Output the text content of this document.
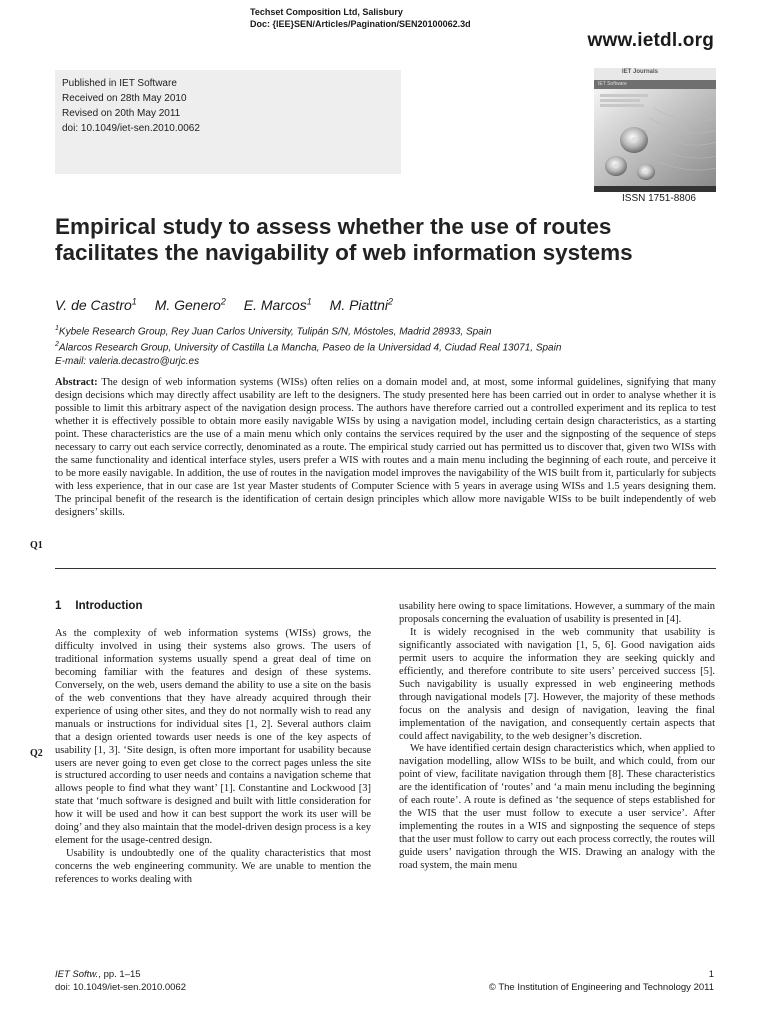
Techset Composition Ltd, Salisbury
Doc: {IEE}SEN/Articles/Pagination/SEN20100062.3d
www.ietdl.org
Published in IET Software
Received on 28th May 2010
Revised on 20th May 2011
doi: 10.1049/iet-sen.2010.0062
IET Journals
IET Software
ISSN 1751-8806
Empirical study to assess whether the use of routes facilitates the navigability of web information systems
V. de Castro$^1$ M. Genero$^2$ E. Marcos$^1$ M. Piattni$^2$
$^1$Kybele Research Group, Rey Juan Carlos University, Tulipán S/N, Móstoles, Madrid 28933, Spain
$^2$Alarcos Research Group, University of Castilla La Mancha, Paseo de la Universidad 4, Ciudad Real 13071, Spain
E-mail: valeria.decastro@urjc.es
Abstract: The design of web information systems (WISs) often relies on a domain model and, at most, some informal guidelines, signifying that many design decisions which may directly affect usability are left to the designers. The study presented here has been carried out in order to analyse whether it is possible to limit this arbitrary aspect of the navigation design process. The authors have therefore carried out a controlled experiment and its replica to test whether it is effectively possible to obtain more easily navigable WISs by using a navigation model, including certain design characteristics, as a starting point. These characteristics are the use of a main menu which only contains the services required by the user and the signposting of the sequence of steps necessary to carry out each service correctly, denominated as a route. The empirical study carried out has permitted us to discover that, given two WISs with the same functionality and identical interface styles, users prefer a WIS with routes and a main menu including the beginning of each route, and perceive it to be more easily navigable. In addition, the use of routes in the navigation model improves the navigability of the WIS built from it, particularly for subjects with less experience, that in our case are 1st year Master students of Computer Science with 5 years in average using WISs and 1.5 years designing them. The principal benefit of the research is the identification of certain design principles which allow more navigable WISs to be built independently of web designers’ skills.
Q1
1 Introduction

As the complexity of web information systems (WISs) grows, the difficulty involved in using their systems also grows. The users of traditional information systems usually spend a great deal of time on becoming familiar with the features and design of these systems. Conversely, on the web, users demand the ability to use a site on the basis of the web conventions that they have already acquired through their experience of using other sites, and they do not normally wish to read any manuals or instructions for individual sites [1, 2]. Several authors claim that a design oriented towards user needs is one of the key aspects of usability [1, 3]. ‘Site design, is often more important for usability because users are never going to even get close to the correct pages unless the site is structured according to user needs and contains a navigation scheme that allows people to find what they want’ [1]. Constantine and Lockwood [3] state that ‘much software is designed and built with little consideration for how it will be used and how it can best support the work its user will be doing’ and they also maintain that the model-driven design process is a key element for the usage-centred design.

Usability is undoubtedly one of the quality characteristics that most concerns the web engineering community. We are unable to mention the references to works dealing with

Q2

usability here owing to space limitations. However, a summary of the main proposals concerning the evaluation of usability is presented in [4].

It is widely recognised in the web community that usability is significantly associated with navigation [1, 5, 6]. Good navigation aids permit users to acquire the information they are seeking quickly and efficiently, and therefore contribute to site users’ perceived success [5]. Such navigability is usually expressed in web engineering methods through navigational models [7]. However, the majority of these methods focus on the analysis and design of navigation, leaving the final implementation of the navigation, and consequently certain aspects that could affect navigability, to the web designer’s discretion.

We have identified certain design characteristics which, when applied to navigation modelling, allow WISs to be built, and which could, from our point of view, facilitate navigation through them [8]. These characteristics are the identification of ‘routes’ and ‘a main menu including the beginning of each route’. A route is defined as ‘the sequence of steps established for the WIS that the user must follow to execute a user service’. After implementing the routes in a WIS and signposting the sequence of steps that the user must follow to carry out each process correctly, the routes will guide users’ navigation through the WIS. Drawing an analogy with the road system, the main menu

IET Softw., pp. 1–15
doi: 10.1049/iet-sen.2010.0062
1
© The Institution of Engineering and Technology 2011
